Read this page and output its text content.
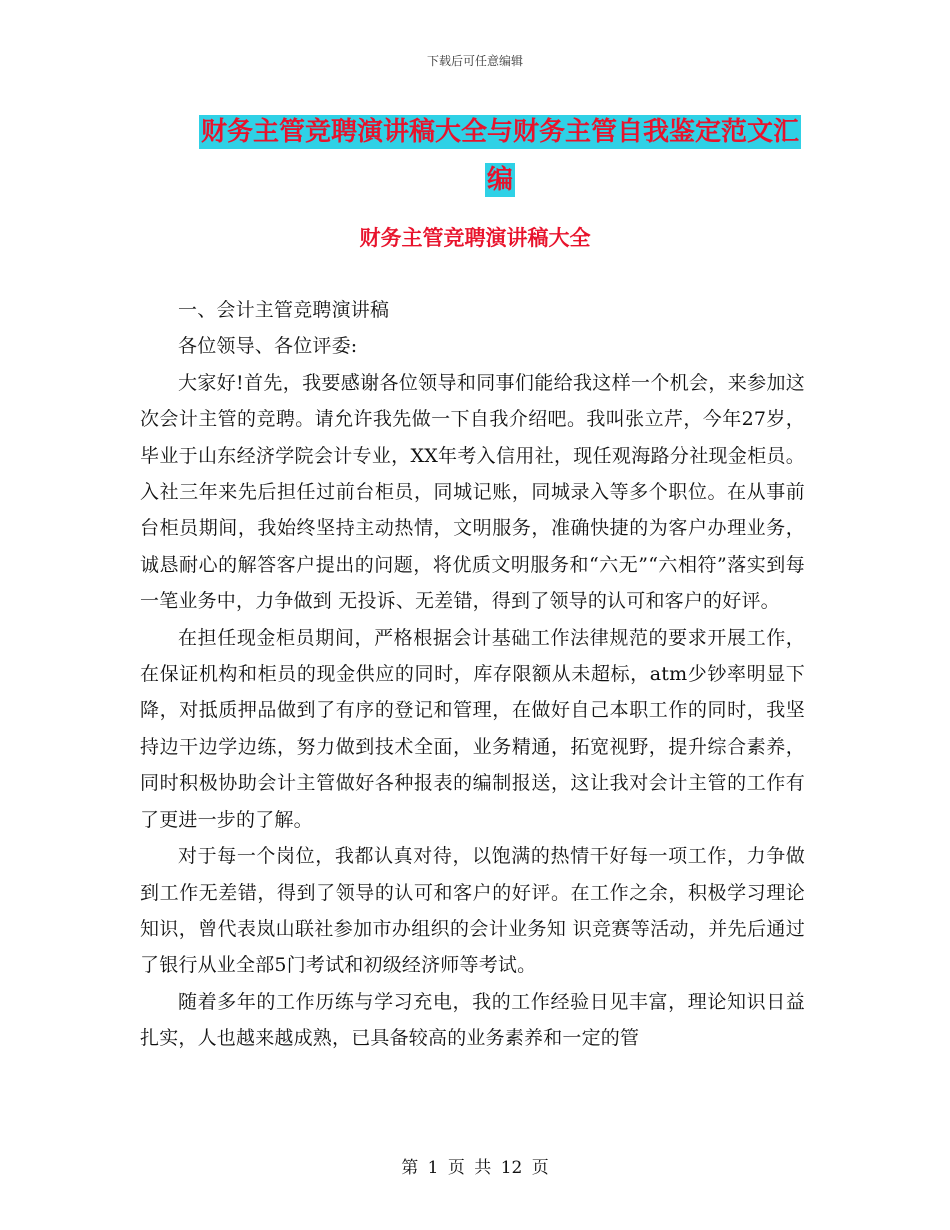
下载后可任意编辑
财务主管竞聘演讲稿大全与财务主管自我鉴定范文汇编
财务主管竞聘演讲稿大全

一、会计主管竞聘演讲稿

各位领导、各位评委:

大家好!首先，我要感谢各位领导和同事们能给我这样一个机会，来参加这次会计主管的竞聘。请允许我先做一下自我介绍吧。我叫张立芹，今年27岁，毕业于山东经济学院会计专业，XX年考入信用社，现任观海路分社现金柜员。入社三年来先后担任过前台柜员，同城记账，同城录入等多个职位。在从事前台柜员期间，我始终坚持主动热情，文明服务，准确快捷的为客户办理业务，诚恳耐心的解答客户提出的问题，将优质文明服务和“六无”“六相符”落实到每一笔业务中，力争做到 无投诉、无差错，得到了领导的认可和客户的好评。

在担任现金柜员期间，严格根据会计基础工作法律规范的要求开展工作，在保证机构和柜员的现金供应的同时，库存限额从未超标，atm少钞率明显下降，对抵质押品做到了有序的登记和管理，在做好自己本职工作的同时，我坚持边干边学边练，努力做到技术全面，业务精通，拓宽视野，提升综合素养，同时积极协助会计主管做好各种报表的编制报送，这让我对会计主管的工作有了更进一步的了解。

对于每一个岗位，我都认真对待，以饱满的热情干好每一项工作，力争做到工作无差错，得到了领导的认可和客户的好评。在工作之余，积极学习理论知识，曾代表岚山联社参加市办组织的会计业务知 识竞赛等活动，并先后通过了银行从业全部5门考试和初级经济师等考试。

随着多年的工作历练与学习充电，我的工作经验日见丰富，理论知识日益扎实，人也越来越成熟，已具备较高的业务素养和一定的管

第 1 页 共 12 页
